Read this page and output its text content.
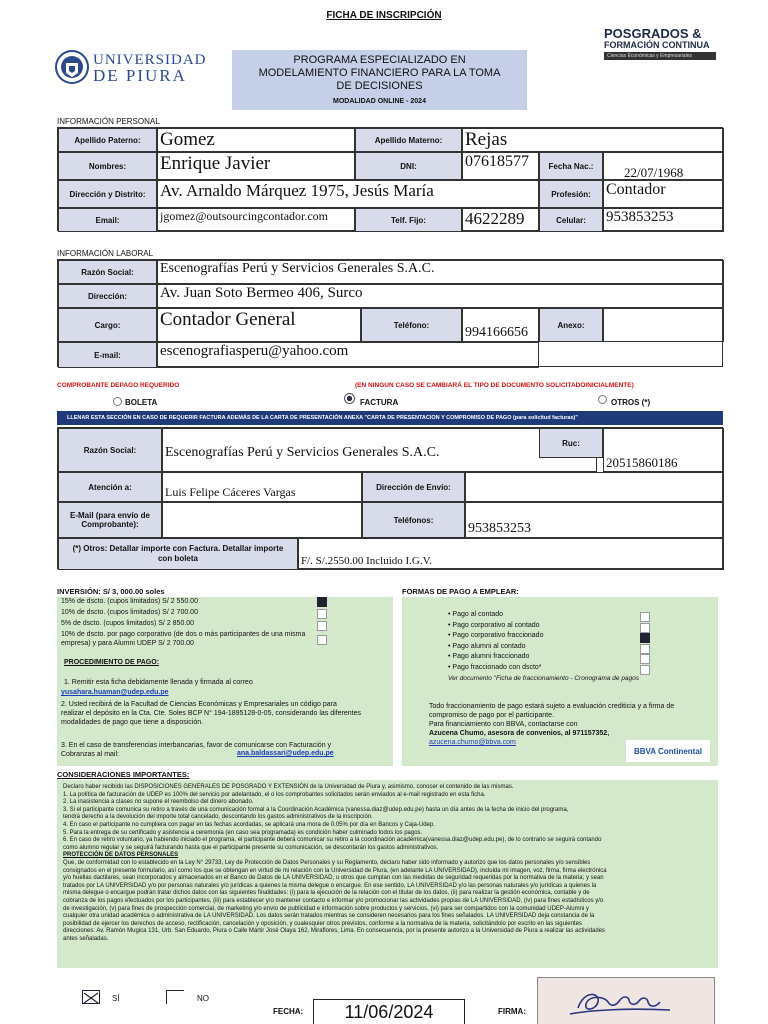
FICHA DE INSCRIPCIÓN
UNIVERSIDAD
DE PIURA
PROGRAMA ESPECIALIZADO EN MODELAMIENTO FINANCIERO PARA LA TOMA DE DECISIONES
MODALIDAD ONLINE - 2024
POSGRADOS &
FORMACIÓN CONTINUA
Ciencias Económicas y Empresariales
INFORMACIÓN PERSONAL
Apellido Paterno:	Gomez	Apellido Materno:	Rejas
Nombres:	Enrique Javier	DNI:	07618577	Fecha Nac.:	22/07/1968
Dirección y Distrito: Av. Arnaldo Márquez 1975, Jesús María	Profesión: Contador
Email:	jgomez@outsourcingcontador.com	Telf. Fijo:	4622289	Celular:	953853253
INFORMACIÓN LABORAL
Razón Social:	Escenografías Perú y Servicios Generales S.A.C.
Dirección:	Av. Juan Soto Bermeo 406, Surco
Cargo:	Contador General	Teléfono:	994166656	Anexo:
E-mail:	escenografiasperu@yahoo.com
COMPROBANTE DEPAGO REQUERIDO	(EN NINGUN CASO SE CAMBIARÁ EL TIPO DE DOCUMENTO SOLICITADOINICIALMENTE)
BOLETA	FACTURA	OTROS (*)
LLENAR ESTA SECCIÓN EN CASO DE REQUERIR FACTURA ADEMÁS DE LA CARTA DE PRESENTACIÓN ANEXA "CARTA DE PRESENTACION Y COMPROMISO DE PAGO (para solicitud facturas)"
Razón Social:	Escenografías Perú y Servicios Generales S.A.C.
Ruc:
20515860186
Atención a:	Luis Felipe Cáceres Vargas	Dirección de Envío:
E-Mail (para envío de Comprobante):	Teléfonos:
953853253
(*) Otros: Detallar importe con Factura. Detallar importe con boleta	F/. S/.2550.00 Incluido I.G.V.
INVERSIÓN: S/ 3, 000.00 soles
15% de dscto. (cupos limitados) S/ 2 550.00
10% de dscto. (cupos limitados) S/ 2 700.00
5% de dscto. (cupos limitados) S/ 2 850.00
10% de dscto. por pago corporativo (de dos o más participantes de una misma empresa) y para Alumni UDEP S/ 2 700.00
PROCEDIMIENTO DE PAGO:
1. Remitir esta ficha debidamente llenada y firmada al correo
yusahara.huaman@udep.edu.pe
2. Usted recibirá de la Facultad de Ciencias Económicas y Empresariales un código para realizar el depósito en la Cta. Cte. Soles BCP N° 194-1895128-0-05, considerando las diferentes modalidades de pago que tiene a disposición.
3. En el caso de transferencias interbancarias, favor de comunicarse con Facturación y Cobranzas al mail:	ana.baldassari@udep.edu.pe
FORMAS DE PAGO A EMPLEAR:
• Pago al contado
• Pago corporativo al contado
• Pago corporativo fraccionado
• Pago alumni al contado
• Pago alumni fraccionado
• Pago fraccionado con dscto*
Ver documento "Ficha de fraccionamiento - Cronograma de pagos
Todo fraccionamiento de pago estará sujeto a evaluación crediticia y a firma de compromiso de pago por el participante.
Para financiamiento con BBVA, contactarse con
Azucena Chumo, asesora de convenios, al 971157352,
azucena.chumo@bbva.com
BBVA Continental
CONSIDERACIONES IMPORTANTES:
Declaro haber recibido las DISPOSICIONES GENERALES DE POSGRADO Y EXTENSIÓN de la Universidad de Piura y, asimismo, conocer el contenido de las mismas.
1. La política de facturación de UDEP es 100% del servicio por adelantado, el o los comprobantes solicitados serán enviados al e-mail registrado en esta ficha.
2. La inasistencia a clases no supone el reembolso del dinero abonado.
3. Si el participante comunica su retiro a través de una comunicación formal a la Coordinación Académica (vanessa.diaz@udep.edu.pe) hasta un día antes de la fecha de inicio del programa,
tendrá derecho a la devolución del importe total cancelado, descontando los gastos administrativos de la inscripción.
4. En caso el participante no cumpliera con pagar en las fechas acordadas, se aplicará una mora de 0.05% por día en Bancos y Caja-Udep.
5. Para la entrega de su certificado y asistencia a ceremonia (en caso sea programada) es condición haber culminado todos los pagos.
6. En caso de retiro voluntario, ya habiendo iniciado el programa, el participante deberá comunicar su retiro a la coordinación académica(vanessa.diaz@udep.edu.pe), de lo contrario se seguirá contando
como alumno regular y se seguirá facturando hasta que el participante presente su comunicación, se descontarán los gastos administrativos.
PROTECCIÓN DE DATOS PERSONALES
Que, de conformidad con lo establecido en la Ley N° 29733, Ley de Protección de Datos Personales y su Reglamento, declaro haber sido informado y autorizo que los datos personales y/o sensibles
consignados en el presente formulario, así como los que se obtengan en virtud de mi relación con la Universidad de Piura, (en adelante LA UNIVERSIDAD), incluida mi imagen, voz, firma, firma electrónica
y/o huellas dactilares, sean incorporados y almacenados en el Banco de Datos de LA UNIVERSIDAD, u otros que cumplan con las medidas de seguridad requeridas por la normativa de la materia; y sean
tratados por LA UNIVERSIDAD y/o por personas naturales y/o jurídicas a quienes la misma delegue o encargue. En ese sentido, LA UNIVERSIDAD y/o las personas naturales y/o jurídicas a quienes la
misma delegue o encargue podrán tratar dichos datos con las siguientes finalidades: (i) para la ejecución de la relación con el titular de los datos, (ii) para realizar la gestión económica, contable y de
cobranza de los pagos efectuados por los participantes, (iii) para establecer y/o mantener contacto e informar y/o promocionar las actividades propias de LA UNIVERSIDAD, (iv) para fines estadísticos y/o
de investigación, (v) para fines de prospección comercial, de marketing y/o envío de publicidad e información sobre productos y servicios, (vi) para ser compartidos con la comunidad UDEP-Alumni y
cualquier otra unidad académica o administrativa de LA UNIVERSIDAD. Los datos serán tratados mientras se consideren necesarios para los fines señalados. LA UNIVERSIDAD deja constancia de la
posibilidad de ejercer los derechos de acceso, rectificación, cancelación y oposición, y cualesquier otros previstos, conforme a la normativa de la materia, solicitándolo por escrito en las siguientes
direcciones: Av. Ramón Mugica 131, Urb. San Eduardo, Piura o Calle Mártir José Olaya 162, Miraflores, Lima. En consecuencia, por la presente autorizo a la Universidad de Piura a realizar las actividades
antes señaladas.
SÍ	NO
FECHA:	11/06/2024	FIRMA:
